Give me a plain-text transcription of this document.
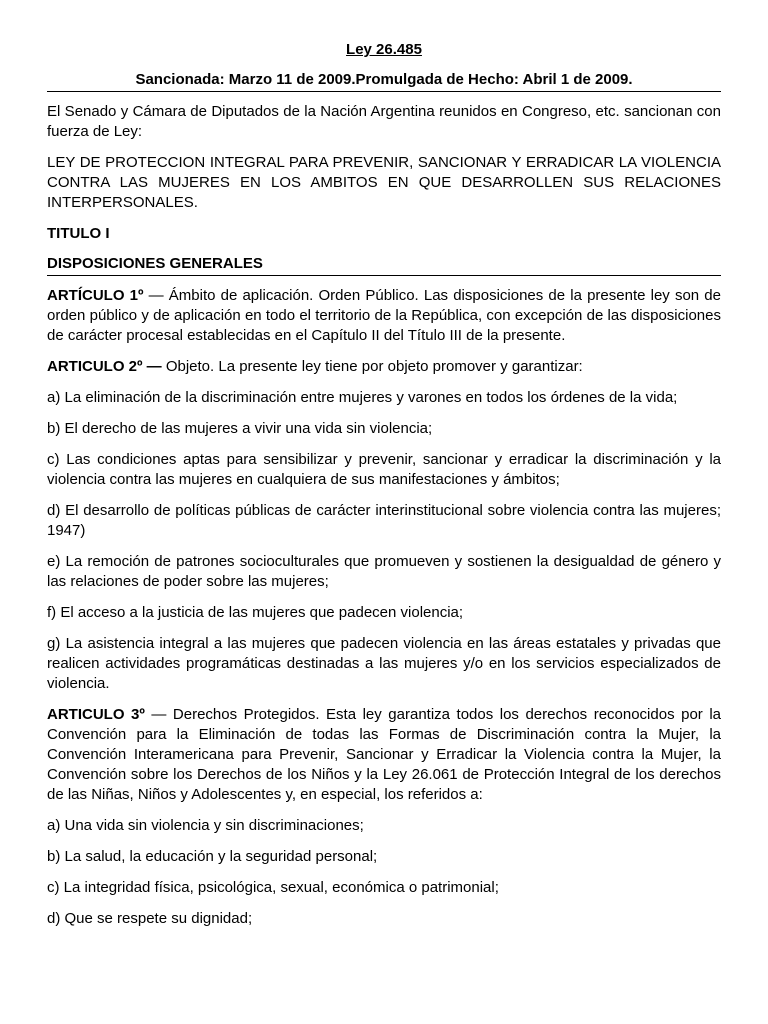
Ley 26.485
Sancionada: Marzo 11 de 2009.Promulgada de Hecho: Abril 1 de 2009.

El Senado y Cámara de Diputados de la Nación Argentina reunidos en Congreso, etc. sancionan con fuerza de Ley:

LEY DE PROTECCION INTEGRAL PARA PREVENIR, SANCIONAR Y ERRADICAR LA VIOLENCIA CONTRA LAS MUJERES EN LOS AMBITOS EN QUE DESARROLLEN SUS RELACIONES INTERPERSONALES.

TITULO I
DISPOSICIONES GENERALES

ARTÍCULO 1º — Ámbito de aplicación. Orden Público. Las disposiciones de la presente ley son de orden público y de aplicación en todo el territorio de la República, con excepción de las disposiciones de carácter procesal establecidas en el Capítulo II del Título III de la presente.

ARTICULO 2º — Objeto. La presente ley tiene por objeto promover y garantizar:

a) La eliminación de la discriminación entre mujeres y varones en todos los órdenes de la vida;

b) El derecho de las mujeres a vivir una vida sin violencia;

c) Las condiciones aptas para sensibilizar y prevenir, sancionar y erradicar la discriminación y la violencia contra las mujeres en cualquiera de sus manifestaciones y ámbitos;

d) El desarrollo de políticas públicas de carácter interinstitucional sobre violencia contra las mujeres; 1947)

e) La remoción de patrones socioculturales que promueven y sostienen la desigualdad de género y las relaciones de poder sobre las mujeres;

f) El acceso a la justicia de las mujeres que padecen violencia;

g) La asistencia integral a las mujeres que padecen violencia en las áreas estatales y privadas que realicen actividades programáticas destinadas a las mujeres y/o en los servicios especializados de violencia.

ARTICULO 3º — Derechos Protegidos. Esta ley garantiza todos los derechos reconocidos por la Convención para la Eliminación de todas las Formas de Discriminación contra la Mujer, la Convención Interamericana para Prevenir, Sancionar y Erradicar la Violencia contra la Mujer, la Convención sobre los Derechos de los Niños y la Ley 26.061 de Protección Integral de los derechos de las Niñas, Niños y Adolescentes y, en especial, los referidos a:

a) Una vida sin violencia y sin discriminaciones;

b) La salud, la educación y la seguridad personal;

c) La integridad física, psicológica, sexual, económica o patrimonial;

d) Que se respete su dignidad;
